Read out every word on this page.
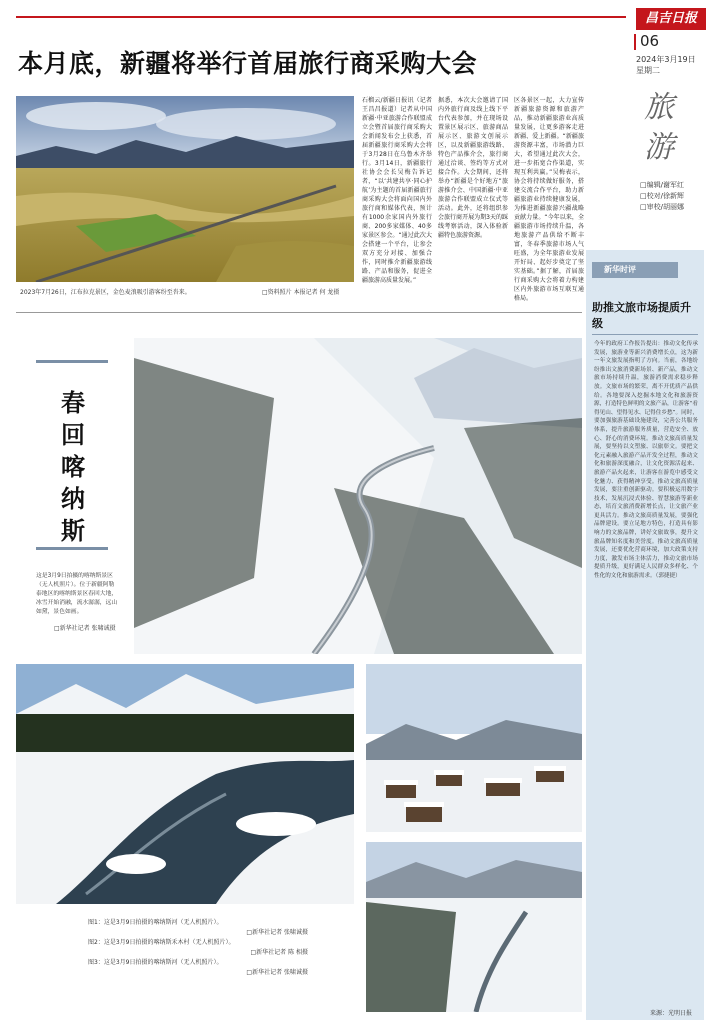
昌吉日报
06
2024年3月19日
星期二
旅
游
□编辑/谢军红
□校对/徐新辉
□审校/胡丽娜
本月底，新疆将举行首届旅行商采购大会
2023年7月26日，江布拉克景区，金色麦浪吸引游客纷至沓来。	□资料照片 本报记者 何 龙摄
石榴云/新疆日报讯（记者王昌昌报道）记者从中国新疆·中亚旅游合作联盟成立会暨首届旅行商采购大会新闻发布会上获悉，首届新疆旅行商采购大会将于3月28日在乌鲁木齐举行。3月14日，新疆旅行社协会会长吴梅告诉记者，“以‘共建共享·同心护航’为主题的首届新疆旅行商采购大会将面向国内外旅行商和媒体代表，预计有1000余家国内外旅行商、200多家媒体、40多家景区参会。“通过此次大会搭建一个平台，让参会双方充分对接、加强合作，同时推介新疆旅游线路、产品和服务，促进全疆旅游高质量发展。”
据悉，本次大会邀请了国内外旅行商及线上线下平台代表参加，并在现场设置景区展示区、旅游商品展示区、旅游文创展示区，以及新疆旅游线路、特色产品推介会，旅行商通过洽谈、签约等方式对接合作。大会期间，还将举办“新疆是个好地方”旅游推介会、中国新疆·中亚旅游合作联盟成立仪式等活动。此外，还将组织参会旅行商开展为期3天的踩线考察活动，深入体验新疆特色旅游资源。
区各景区一起，大力宣传新疆旅游资源和旅游产品，推动新疆旅游业高质量发展，让更多游客走进新疆、爱上新疆。“新疆旅游资源丰富，市场潜力巨大，希望通过此次大会，进一步拓宽合作渠道，实现互利共赢。”吴梅表示，协会将持续做好服务，搭建交流合作平台，助力新疆旅游业持续健康发展，为推进新疆旅游兴疆战略贡献力量。“今年以来，全疆旅游市场持续升温，各地旅游产品供给不断丰富，冬春季旅游市场人气旺盛，为全年旅游业发展开好局、起好步奠定了坚实基础。”据了解，首届旅行商采购大会将着力构建区内外旅游市场互联互通格局。
春
回
喀
纳
斯
这是3月9日拍摄的喀纳斯景区（无人机照片）。位于新疆阿勒泰地区的喀纳斯景区春回大地，冰雪开始消融，流水潺潺，远山如黛，景色如画。
□新华社记者 张啸诚摄
图1：这是3月9日拍摄的喀纳斯河（无人机照片）。
□新华社记者 张啸诚摄
图2：这是3月9日拍摄的喀纳斯禾木村（无人机照片）。
□新华社记者 陈 相摄
图3：这是3月9日拍摄的喀纳斯河（无人机照片）。
□新华社记者 张啸诚摄
新华时评
助推文旅市场提质升级
今年的政府工作报告提出：推动文化传承发展，旅游业等新兴消费增长点，这为新一年文旅发展指明了方向。当前，各地纷纷推出文旅消费新场景、新产品，推动文旅市场持续升温，旅游消费需求稳步释放。文旅市场的繁荣，离不开优质产品供给。各地要深入挖掘本地文化和旅游资源，打造特色鲜明的文旅产品，让游客“看得见山、望得见水、记得住乡愁”。同时，要加强旅游基础设施建设，完善公共服务体系，提升旅游服务质量，营造安全、放心、舒心的消费环境。推动文旅高质量发展，要坚持以文塑旅、以旅彰文。要把文化元素融入旅游产品开发全过程，推动文化和旅游深度融合，让文化资源活起来、旅游产品火起来，让游客在游览中感受文化魅力、获得精神享受。推动文旅高质量发展，要注重创新驱动。要积极运用数字技术，发展沉浸式体验、智慧旅游等新业态，培育文旅消费新增长点，让文旅产业更具活力。推动文旅高质量发展，要强化品牌建设。要立足地方特色，打造具有影响力的文旅品牌，讲好文旅故事，提升文旅品牌知名度和美誉度。推动文旅高质量发展，还要优化营商环境，加大政策支持力度，激发市场主体活力，推动文旅市场提质升级，更好满足人民群众多样化、个性化的文化和旅游需求。（郭捷捷）
来源：光明日报
